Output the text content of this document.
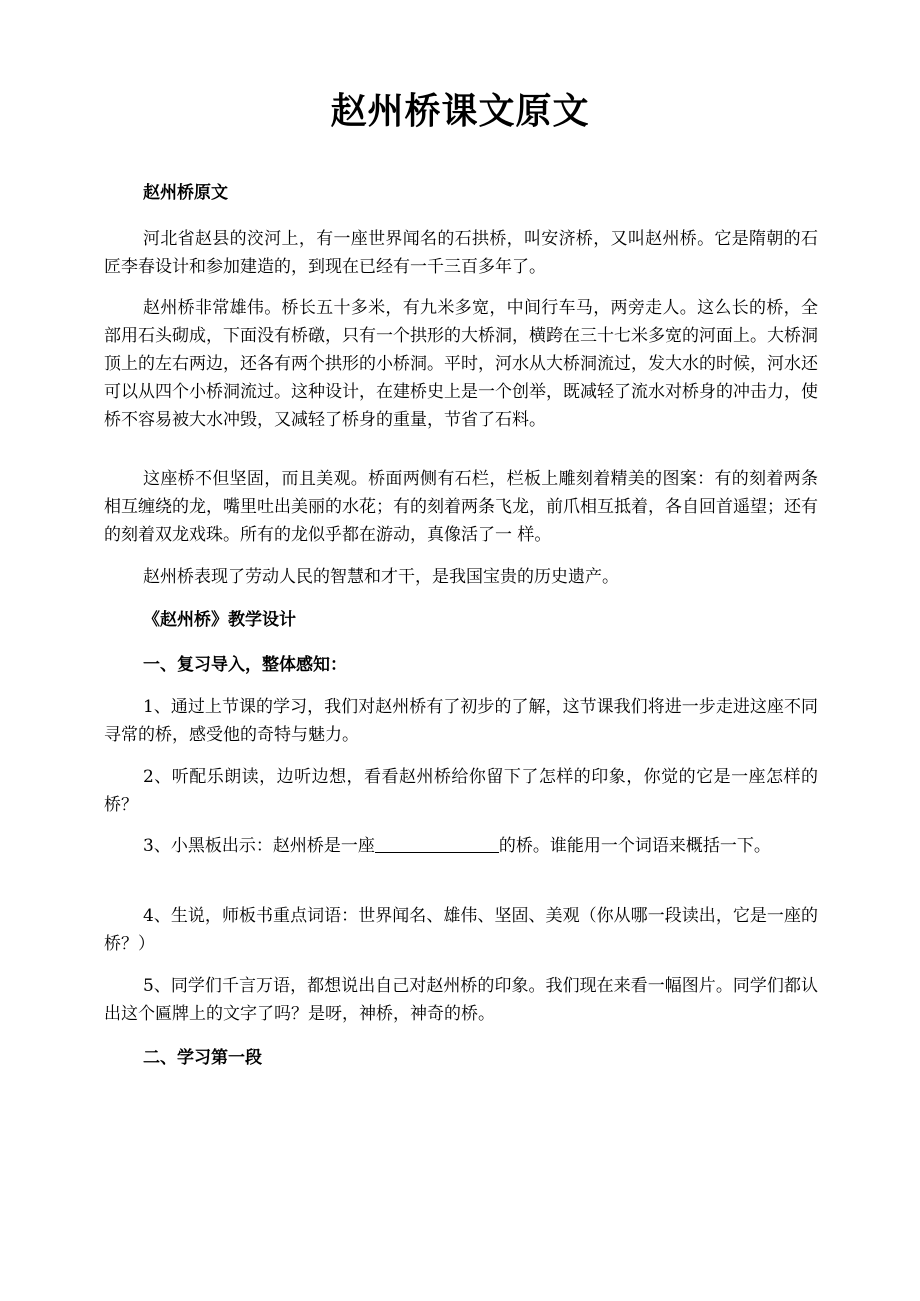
赵州桥课文原文
赵州桥原文
河北省赵县的洨河上，有一座世界闻名的石拱桥，叫安济桥，又叫赵州桥。它是隋朝的石匠李春设计和参加建造的，到现在已经有一千三百多年了。
赵州桥非常雄伟。桥长五十多米，有九米多宽，中间行车马，两旁走人。这么长的桥，全部用石头砌成，下面没有桥礅，只有一个拱形的大桥洞，横跨在三十七米多宽的河面上。大桥洞顶上的左右两边，还各有两个拱形的小桥洞。平时，河水从大桥洞流过，发大水的时候，河水还可以从四个小桥洞流过。这种设计，在建桥史上是一个创举，既减轻了流水对桥身的冲击力，使桥不容易被大水冲毁，又减轻了桥身的重量，节省了石料。
这座桥不但坚固，而且美观。桥面两侧有石栏，栏板上雕刻着精美的图案：有的刻着两条相互缠绕的龙，嘴里吐出美丽的水花；有的刻着两条飞龙，前爪相互抵着，各自回首遥望；还有的刻着双龙戏珠。所有的龙似乎都在游动，真像活了一 样。
赵州桥表现了劳动人民的智慧和才干，是我国宝贵的历史遗产。
《赵州桥》教学设计
一、复习导入，整体感知：
1、通过上节课的学习，我们对赵州桥有了初步的了解，这节课我们将进一步走进这座不同寻常的桥，感受他的奇特与魅力。
2、听配乐朗读，边听边想，看看赵州桥给你留下了怎样的印象，你觉的它是一座怎样的桥？
3、小黑板出示：赵州桥是一座	的桥。谁能用一个词语来概括一下。
4、生说，师板书重点词语：世界闻名、雄伟、坚固、美观（你从哪一段读出，它是一座的桥？）
5、同学们千言万语，都想说出自己对赵州桥的印象。我们现在来看一幅图片。同学们都认出这个匾牌上的文字了吗？是呀，神桥，神奇的桥。
二、学习第一段
